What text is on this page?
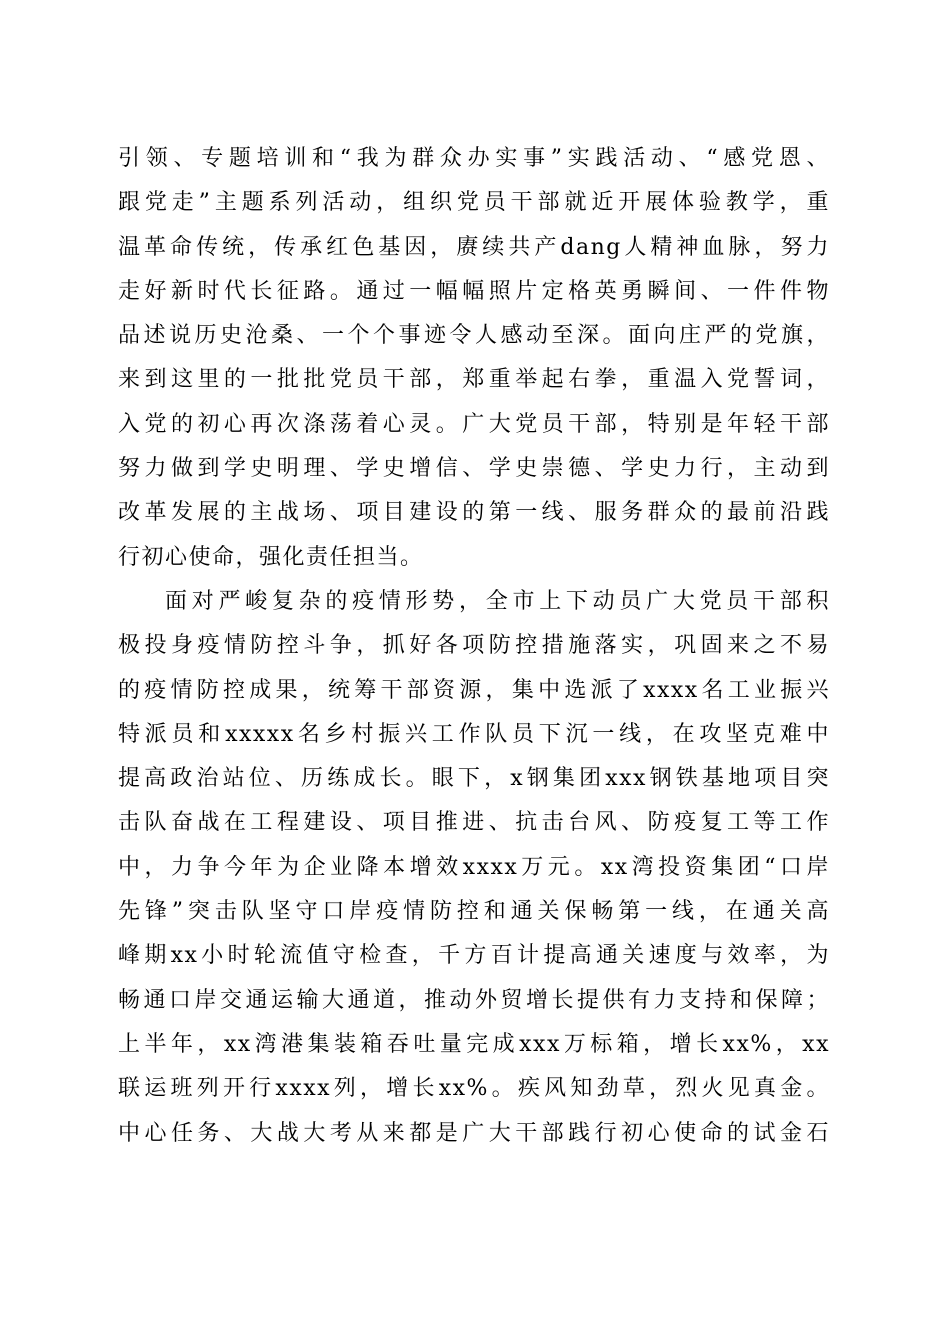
引领、专题培训和“我为群众办实事”实践活动、“感党恩、
跟党走”主题系列活动，组织党员干部就近开展体验教学，重
温革命传统，传承红色基因，赓续共产dang人精神血脉，努力
走好新时代长征路。通过一幅幅照片定格英勇瞬间、一件件物
品述说历史沧桑、一个个事迹令人感动至深。面向庄严的党旗，
来到这里的一批批党员干部，郑重举起右拳，重温入党誓词，
入党的初心再次涤荡着心灵。广大党员干部，特别是年轻干部
努力做到学史明理、学史增信、学史崇德、学史力行，主动到
改革发展的主战场、项目建设的第一线、服务群众的最前沿践
行初心使命，强化责任担当。
面对严峻复杂的疫情形势，全市上下动员广大党员干部积
极投身疫情防控斗争，抓好各项防控措施落实，巩固来之不易
的疫情防控成果，统筹干部资源，集中选派了xxxx名工业振兴
特派员和xxxxx名乡村振兴工作队员下沉一线，在攻坚克难中
提高政治站位、历练成长。眼下，x钢集团xxx钢铁基地项目突
击队奋战在工程建设、项目推进、抗击台风、防疫复工等工作
中，力争今年为企业降本增效xxxx万元。xx湾投资集团“口岸
先锋”突击队坚守口岸疫情防控和通关保畅第一线，在通关高
峰期xx小时轮流值守检查，千方百计提高通关速度与效率，为
畅通口岸交通运输大通道，推动外贸增长提供有力支持和保障；
上半年，xx湾港集装箱吞吐量完成xxx万标箱，增长xx%，xx
联运班列开行xxxx列，增长xx%。疾风知劲草，烈火见真金。
中心任务、大战大考从来都是广大干部践行初心使命的试金石
